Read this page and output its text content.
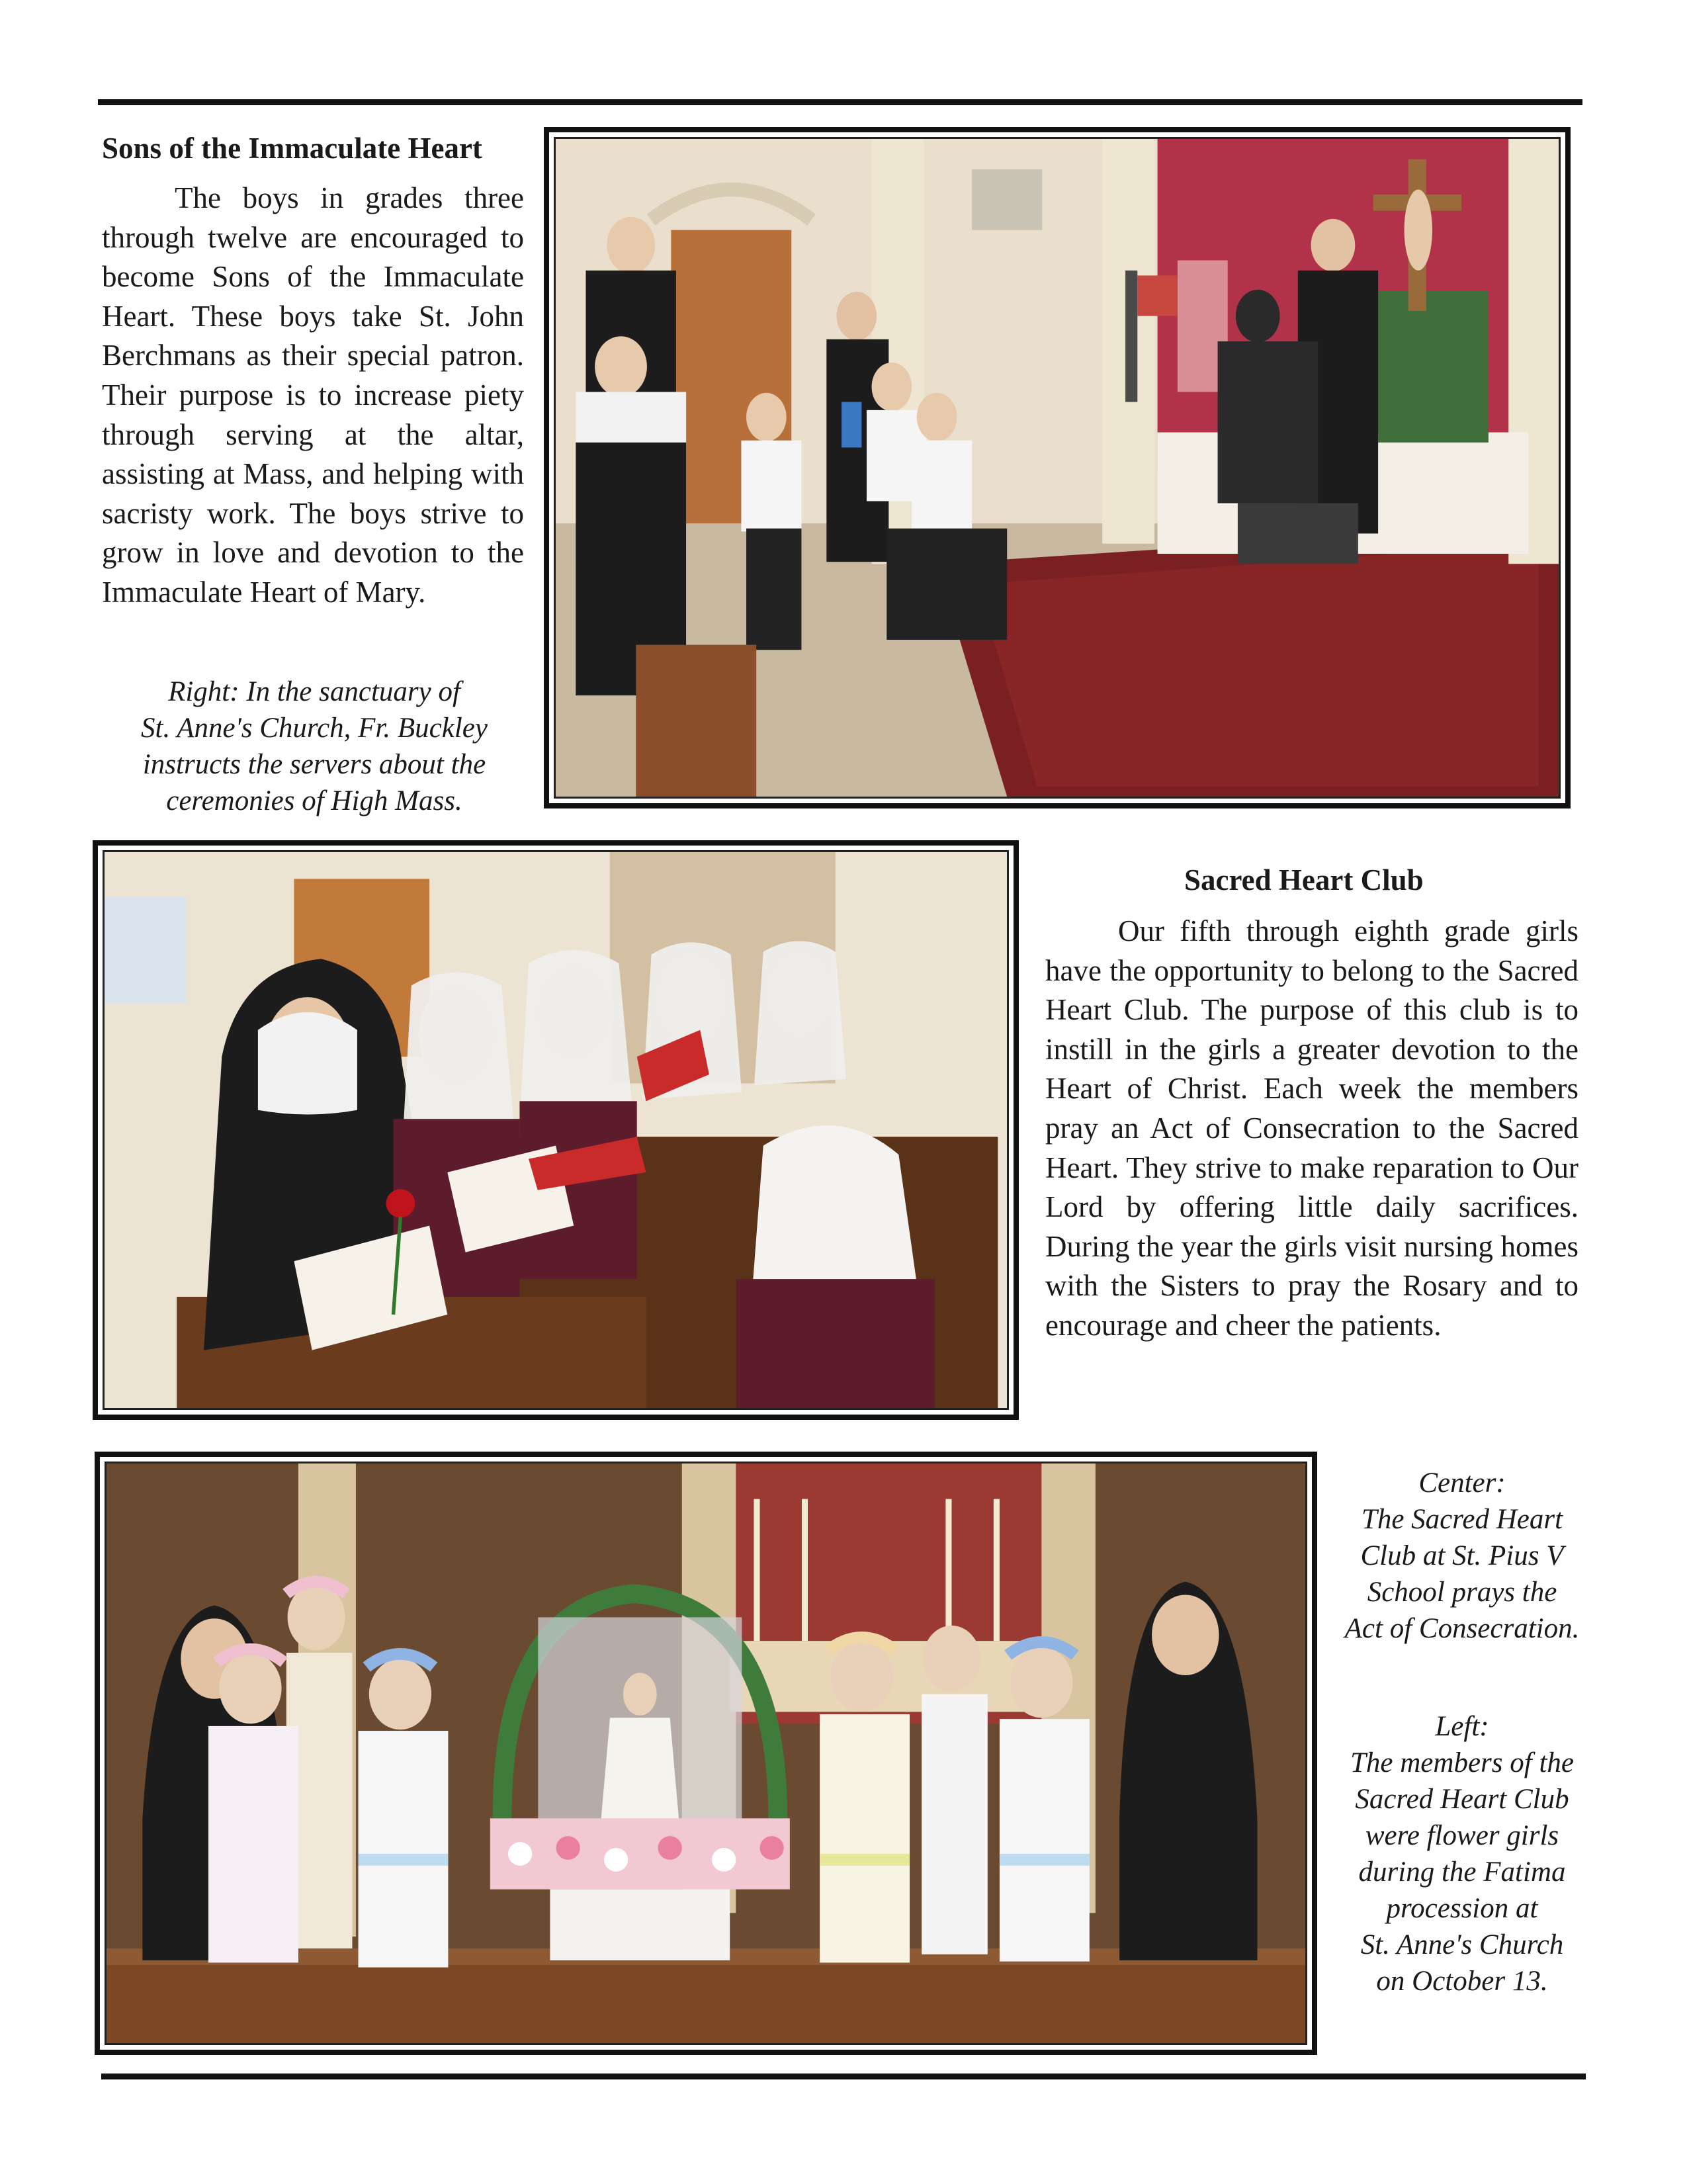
Sons of the Immaculate Heart

The boys in grades three through twelve are encouraged to become Sons of the Immaculate Heart. These boys take St. John Berchmans as their special patron. Their purpose is to increase piety through serving at the altar, assisting at Mass, and helping with sacristy work. The boys strive to grow in love and devotion to the Immaculate Heart of Mary.

Right: In the sanctuary of
St. Anne's Church, Fr. Buckley
instructs the servers about the
ceremonies of High Mass.
Sacred Heart Club

Our fifth through eighth grade girls have the opportunity to belong to the Sacred Heart Club. The purpose of this club is to instill in the girls a greater devotion to the Heart of Christ. Each week the members pray an Act of Consecration to the Sacred Heart. They strive to make reparation to Our Lord by offering little daily sacrifices. During the year the girls visit nursing homes with the Sisters to pray the Rosary and to encourage and cheer the patients.

Center:
The Sacred Heart
Club at St. Pius V
School prays the
Act of Consecration.
Left:
The members of the
Sacred Heart Club
were flower girls
during the Fatima
procession at
St. Anne's Church
on October 13.
